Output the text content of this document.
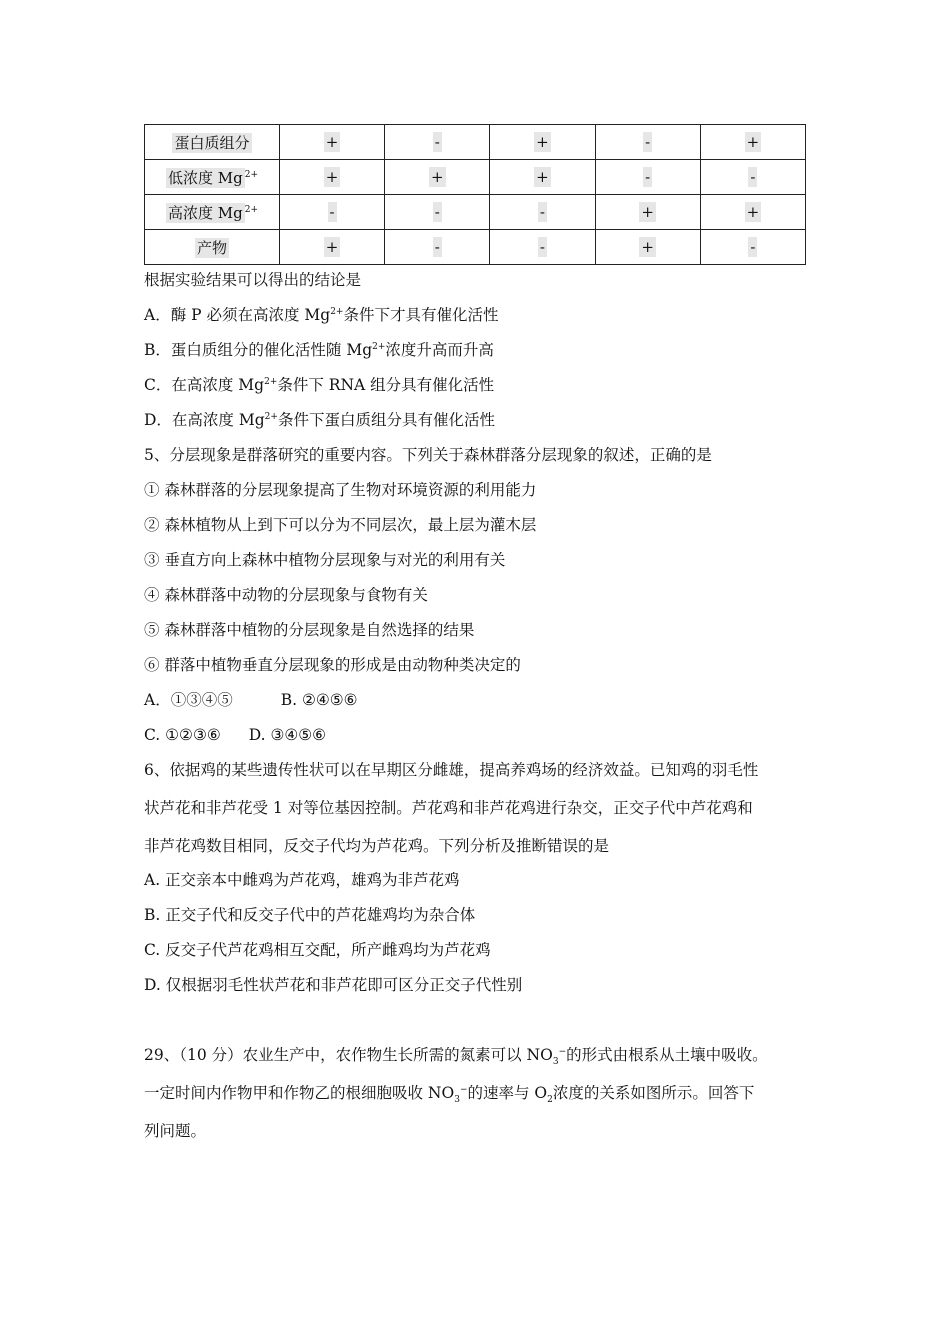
蛋白质组分	+	-	+	-	+
低浓度 Mg $^{2+}$	+	+	+	-	-
高浓度 Mg $^{2+}$	-	-	-	+	+
产物	+	-	-	+	-
根据实验结果可以得出的结论是
A．酶 P 必须在高浓度 $Mg^{2+}$条件下才具有催化活性
B．蛋白质组分的催化活性随 $Mg^{2+}$浓度升高而升高
C．在高浓度 $Mg^{2+}$条件下 RNA 组分具有催化活性
D．在高浓度 $Mg^{2+}$条件下蛋白质组分具有催化活性
5、分层现象是群落研究的重要内容。下列关于森林群落分层现象的叙述，正确的是
① 森林群落的分层现象提高了生物对环境资源的利用能力
② 森林植物从上到下可以分为不同层次，最上层为灌木层
③ 垂直方向上森林中植物分层现象与对光的利用有关
④ 森林群落中动物的分层现象与食物有关
⑤ 森林群落中植物的分层现象是自然选择的结果
⑥ 群落中植物垂直分层现象的形成是由动物种类决定的
A．①③④⑤	B. ②④⑤⑥
C. ①②③⑥ D. ③④⑤⑥
6、依据鸡的某些遗传性状可以在早期区分雌雄，提高养鸡场的经济效益。已知鸡的羽毛性
状芦花和非芦花受 1 对等位基因控制。芦花鸡和非芦花鸡进行杂交，正交子代中芦花鸡和
非芦花鸡数目相同，反交子代均为芦花鸡。下列分析及推断错误的是
A. 正交亲本中雌鸡为芦花鸡，雄鸡为非芦花鸡
B. 正交子代和反交子代中的芦花雄鸡均为杂合体
C. 反交子代芦花鸡相互交配，所产雌鸡均为芦花鸡
D. 仅根据羽毛性状芦花和非芦花即可区分正交子代性别
29、（10 分）农业生产中，农作物生长所需的氮素可以 $NO_3^-$的形式由根系从土壤中吸收。
一定时间内作物甲和作物乙的根细胞吸收 $NO_3^-$的速率与 $O_2$浓度的关系如图所示。回答下
列问题。
